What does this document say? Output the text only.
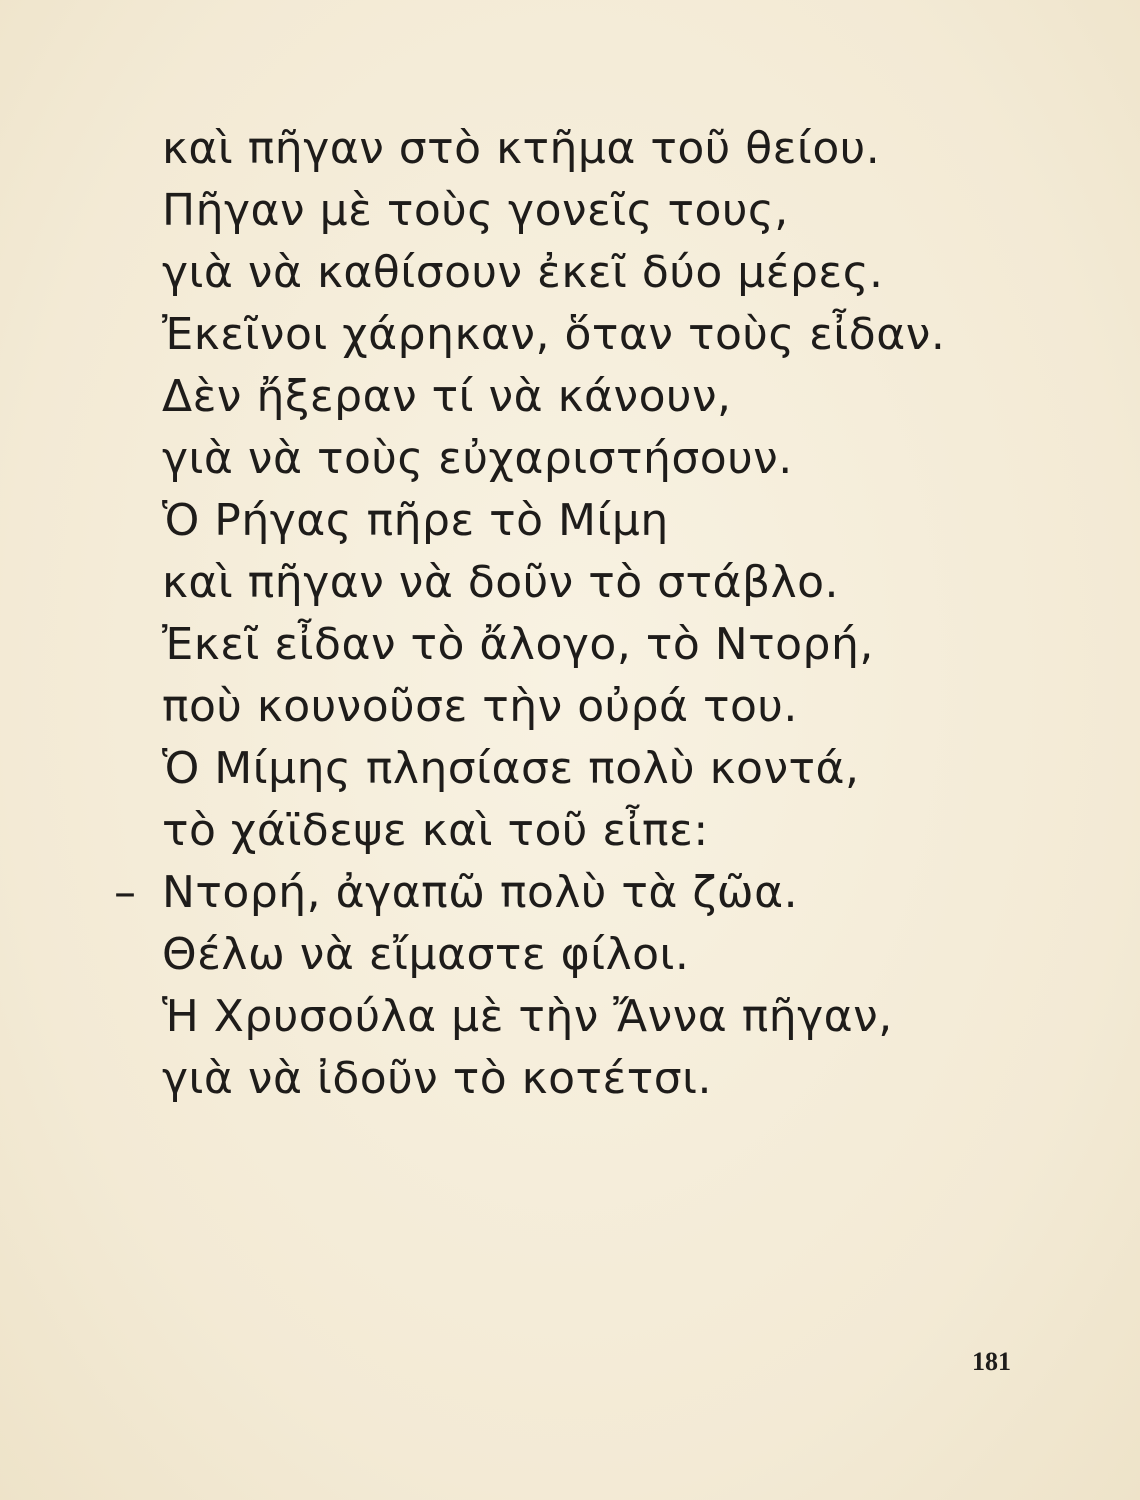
καὶ πῆγαν στὸ κτῆμα τοῦ θείου.
Πῆγαν μὲ τοὺς γονεῖς τους,
γιὰ νὰ καθίσουν ἐκεῖ δύο μέρες.
Ἐκεῖνοι χάρηκαν, ὅταν τοὺς εἶδαν.
Δὲν ἤξεραν τί νὰ κάνουν,
γιὰ νὰ τοὺς εὐχαριστήσουν.
Ὁ Ρήγας πῆρε τὸ Μίμη
καὶ πῆγαν νὰ δοῦν τὸ στάβλο.
Ἐκεῖ εἶδαν τὸ ἄλογο, τὸ Ντορή,
ποὺ κουνοῦσε τὴν οὐρά του.
Ὁ Μίμης πλησίασε πολὺ κοντά,
τὸ χάϊδεψε καὶ τοῦ εἶπε:
– Ντορή, ἀγαπῶ πολὺ τὰ ζῶα.
Θέλω νὰ εἴμαστε φίλοι.
Ἡ Χρυσούλα μὲ τὴν Ἄννα πῆγαν,
γιὰ νὰ ἰδοῦν τὸ κοτέτσι.
181
